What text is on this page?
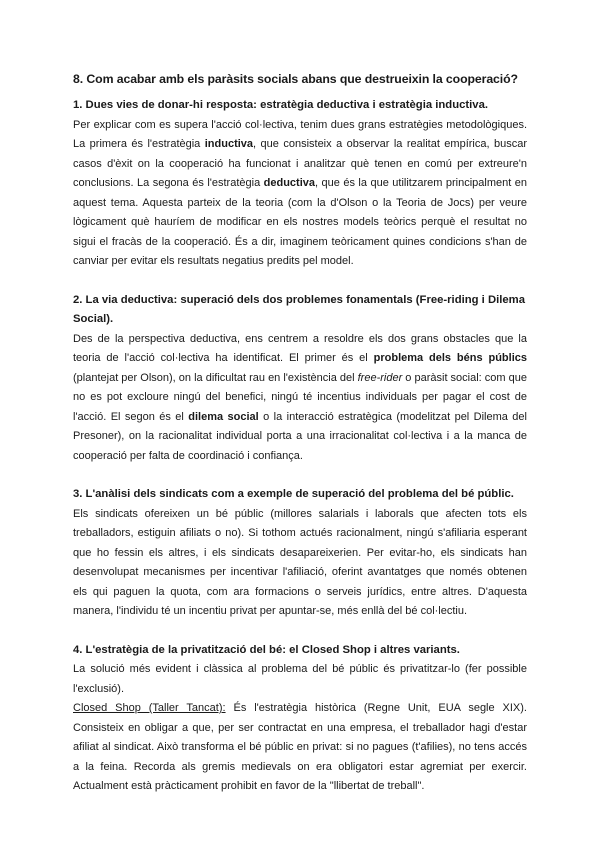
8. Com acabar amb els paràsits socials abans que destrueixin la cooperació?
1. Dues vies de donar-hi resposta: estratègia deductiva i estratègia inductiva.

Per explicar com es supera l'acció col·lectiva, tenim dues grans estratègies metodològiques. La primera és l'estratègia inductiva, que consisteix a observar la realitat empírica, buscar casos d'èxit on la cooperació ha funcionat i analitzar què tenen en comú per extreure'n conclusions. La segona és l'estratègia deductiva, que és la que utilitzarem principalment en aquest tema. Aquesta parteix de la teoria (com la d'Olson o la Teoria de Jocs) per veure lògicament què hauríem de modificar en els nostres models teòrics perquè el resultat no sigui el fracàs de la cooperació. És a dir, imaginem teòricament quines condicions s'han de canviar per evitar els resultats negatius predits pel model.

2. La via deductiva: superació dels dos problemes fonamentals (Free-riding i Dilema Social).

Des de la perspectiva deductiva, ens centrem a resoldre els dos grans obstacles que la teoria de l'acció col·lectiva ha identificat. El primer és el problema dels béns públics (plantejat per Olson), on la dificultat rau en l'existència del free-rider o paràsit social: com que no es pot excloure ningú del benefici, ningú té incentius individuals per pagar el cost de l'acció. El segon és el dilema social o la interacció estratègica (modelitzat pel Dilema del Presoner), on la racionalitat individual porta a una irracionalitat col·lectiva i a la manca de cooperació per falta de coordinació i confiança.

3. L'anàlisi dels sindicats com a exemple de superació del problema del bé públic.

Els sindicats ofereixen un bé públic (millores salarials i laborals que afecten tots els treballadors, estiguin afiliats o no). Si tothom actués racionalment, ningú s'afiliaria esperant que ho fessin els altres, i els sindicats desapareixerien. Per evitar-ho, els sindicats han desenvolupat mecanismes per incentivar l'afiliació, oferint avantatges que només obtenen els qui paguen la quota, com ara formacions o serveis jurídics, entre altres. D'aquesta manera, l'individu té un incentiu privat per apuntar-se, més enllà del bé col·lectiu.

4. L'estratègia de la privatització del bé: el Closed Shop i altres variants.

La solució més evident i clàssica al problema del bé públic és privatitzar-lo (fer possible l'exclusió).

Closed Shop (Taller Tancat): És l'estratègia històrica (Regne Unit, EUA segle XIX). Consisteix en obligar a que, per ser contractat en una empresa, el treballador hagi d'estar afiliat al sindicat. Això transforma el bé públic en privat: si no pagues (t'afilies), no tens accés a la feina. Recorda als gremis medievals on era obligatori estar agremiat per exercir. Actualment està pràcticament prohibit en favor de la "llibertat de treball".
